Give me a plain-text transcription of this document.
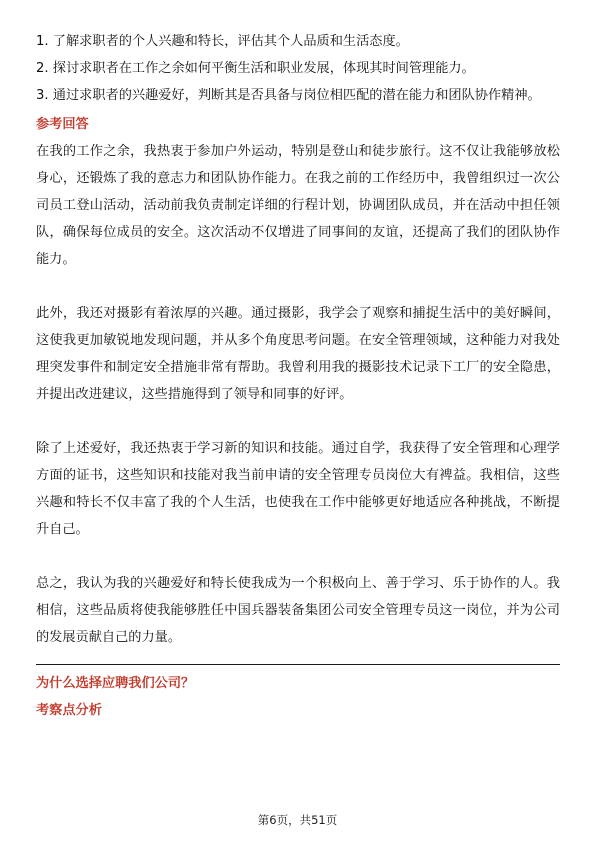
1. 了解求职者的个人兴趣和特长，评估其个人品质和生活态度。

2. 探讨求职者在工作之余如何平衡生活和职业发展，体现其时间管理能力。

3. 通过求职者的兴趣爱好，判断其是否具备与岗位相匹配的潜在能力和团队协作精神。

参考回答

在我的工作之余，我热衷于参加户外运动，特别是登山和徒步旅行。这不仅让我能够放松身心，还锻炼了我的意志力和团队协作能力。在我之前的工作经历中，我曾组织过一次公司员工登山活动，活动前我负责制定详细的行程计划，协调团队成员，并在活动中担任领队，确保每位成员的安全。这次活动不仅增进了同事间的友谊，还提高了我们的团队协作能力。

此外，我还对摄影有着浓厚的兴趣。通过摄影，我学会了观察和捕捉生活中的美好瞬间，这使我更加敏锐地发现问题，并从多个角度思考问题。在安全管理领域，这种能力对我处理突发事件和制定安全措施非常有帮助。我曾利用我的摄影技术记录下工厂的安全隐患，并提出改进建议，这些措施得到了领导和同事的好评。

除了上述爱好，我还热衷于学习新的知识和技能。通过自学，我获得了安全管理和心理学方面的证书，这些知识和技能对我当前申请的安全管理专员岗位大有裨益。我相信，这些兴趣和特长不仅丰富了我的个人生活，也使我在工作中能够更好地适应各种挑战，不断提升自己。

总之，我认为我的兴趣爱好和特长使我成为一个积极向上、善于学习、乐于协作的人。我相信，这些品质将使我能够胜任中国兵器装备集团公司安全管理专员这一岗位，并为公司的发展贡献自己的力量。

为什么选择应聘我们公司？

考察点分析

第6页，共51页
